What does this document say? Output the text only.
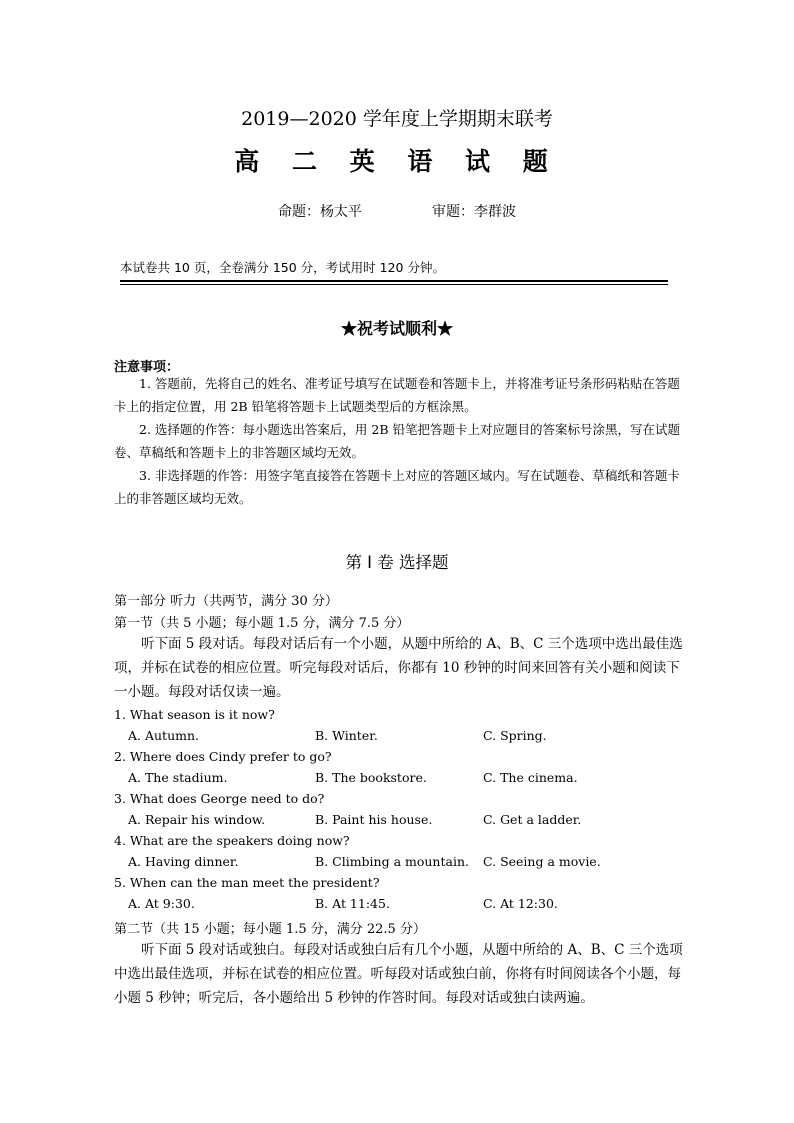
2019—2020 学年度上学期期末联考
高 二 英 语 试 题
命题：杨太平	审题：李群波
本试卷共 10 页，全卷满分 150 分，考试用时 120 分钟。
★祝考试顺利★
注意事项：

1. 答题前，先将自己的姓名、准考证号填写在试题卷和答题卡上，并将准考证号条形码粘贴在答题卡上的指定位置，用 2B 铅笔将答题卡上试题类型后的方框涂黑。

2. 选择题的作答：每小题选出答案后，用 2B 铅笔把答题卡上对应题目的答案标号涂黑，写在试题卷、草稿纸和答题卡上的非答题区域均无效。

3. 非选择题的作答：用签字笔直接答在答题卡上对应的答题区域内。写在试题卷、草稿纸和答题卡上的非答题区域均无效。

第 Ⅰ 卷 选择题
第一部分 听力（共两节，满分 30 分）
第一节（共 5 小题；每小题 1.5 分，满分 7.5 分）
听下面 5 段对话。每段对话后有一个小题，从题中所给的 A、B、C 三个选项中选出最佳选项，并标在试卷的相应位置。听完每段对话后，你都有 10 秒钟的时间来回答有关小题和阅读下一小题。每段对话仅读一遍。
1. What season is it now?
A. Autumn.	B. Winter.	C. Spring.
2. Where does Cindy prefer to go?
A. The stadium.	B. The bookstore.	C. The cinema.
3. What does George need to do?
A. Repair his window.	B. Paint his house.	C. Get a ladder.
4. What are the speakers doing now?
A. Having dinner.	B. Climbing a mountain. C. Seeing a movie.
5. When can the man meet the president?
A. At 9:30.	B. At 11:45.	C. At 12:30.
第二节（共 15 小题；每小题 1.5 分，满分 22.5 分）
听下面 5 段对话或独白。每段对话或独白后有几个小题，从题中所给的 A、B、C 三个选项中选出最佳选项，并标在试卷的相应位置。听每段对话或独白前，你将有时间阅读各个小题，每小题 5 秒钟；听完后，各小题给出 5 秒钟的作答时间。每段对话或独白读两遍。
